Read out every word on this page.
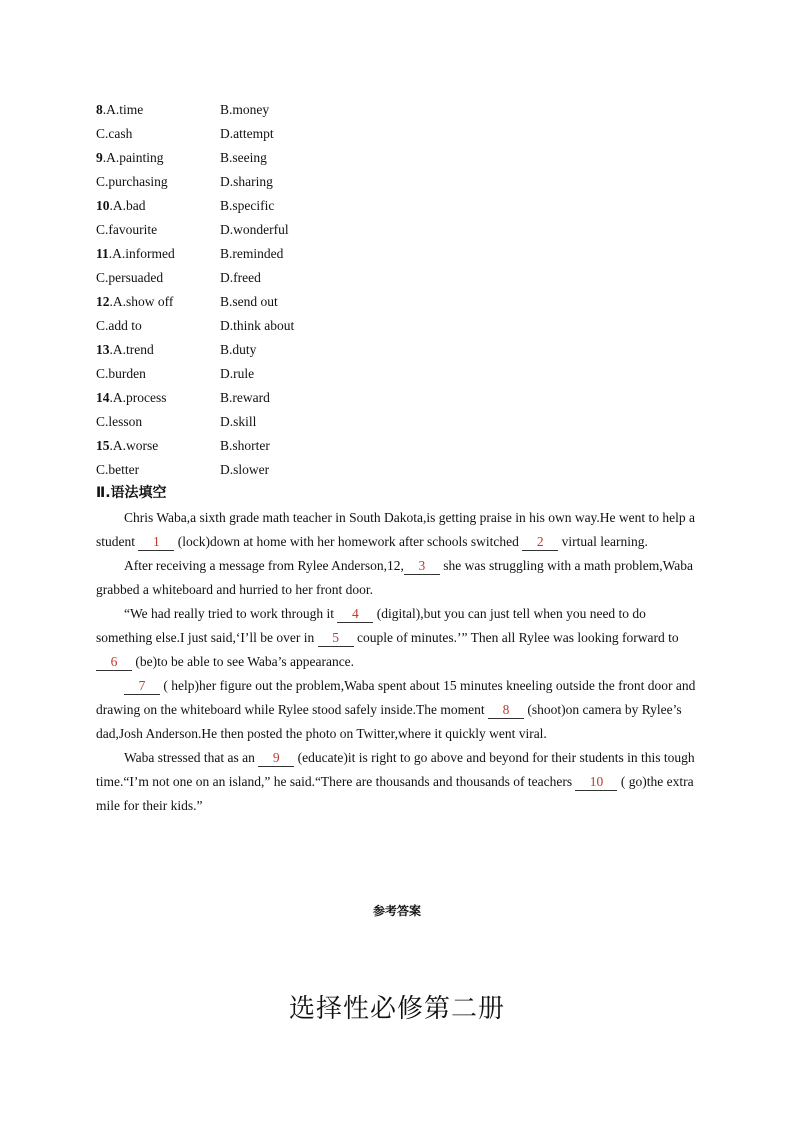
8.A.time	B.money
C.cash	D.attempt
9.A.painting	B.seeing
C.purchasing	D.sharing
10.A.bad	B.specific
C.favourite	D.wonderful
11.A.informed	B.reminded
C.persuaded	D.freed
12.A.show off	B.send out
C.add to	D.think about
13.A.trend	B.duty
C.burden	D.rule
14.A.process	B.reward
C.lesson	D.skill
15.A.worse	B.shorter
C.better	D.slower
Ⅱ.语法填空

Chris Waba,a sixth grade math teacher in South Dakota,is getting praise in his own way.He went to help a student 1 (lock)down at home with her homework after schools switched 2 virtual learning.

After receiving a message from Rylee Anderson,12, 3 she was struggling with a math problem,Waba grabbed a whiteboard and hurried to her front door.

“We had really tried to work through it 4 (digital),but you can just tell when you need to do something else.I just said,‘I’ll be over in 5 couple of minutes.’” Then all Rylee was looking forward to 6 (be)to be able to see Waba’s appearance.

7 ( help)her figure out the problem,Waba spent about 15 minutes kneeling outside the front door and drawing on the whiteboard while Rylee stood safely inside.The moment 8 (shoot)on camera by Rylee’s dad,Josh Anderson.He then posted the photo on Twitter,where it quickly went viral.

Waba stressed that as an 9 (educate)it is right to go above and beyond for their students in this tough time.“I’m not one on an island,” he said.“There are thousands and thousands of teachers 10 ( go)the extra mile for their kids.”

参考答案
选择性必修第二册
